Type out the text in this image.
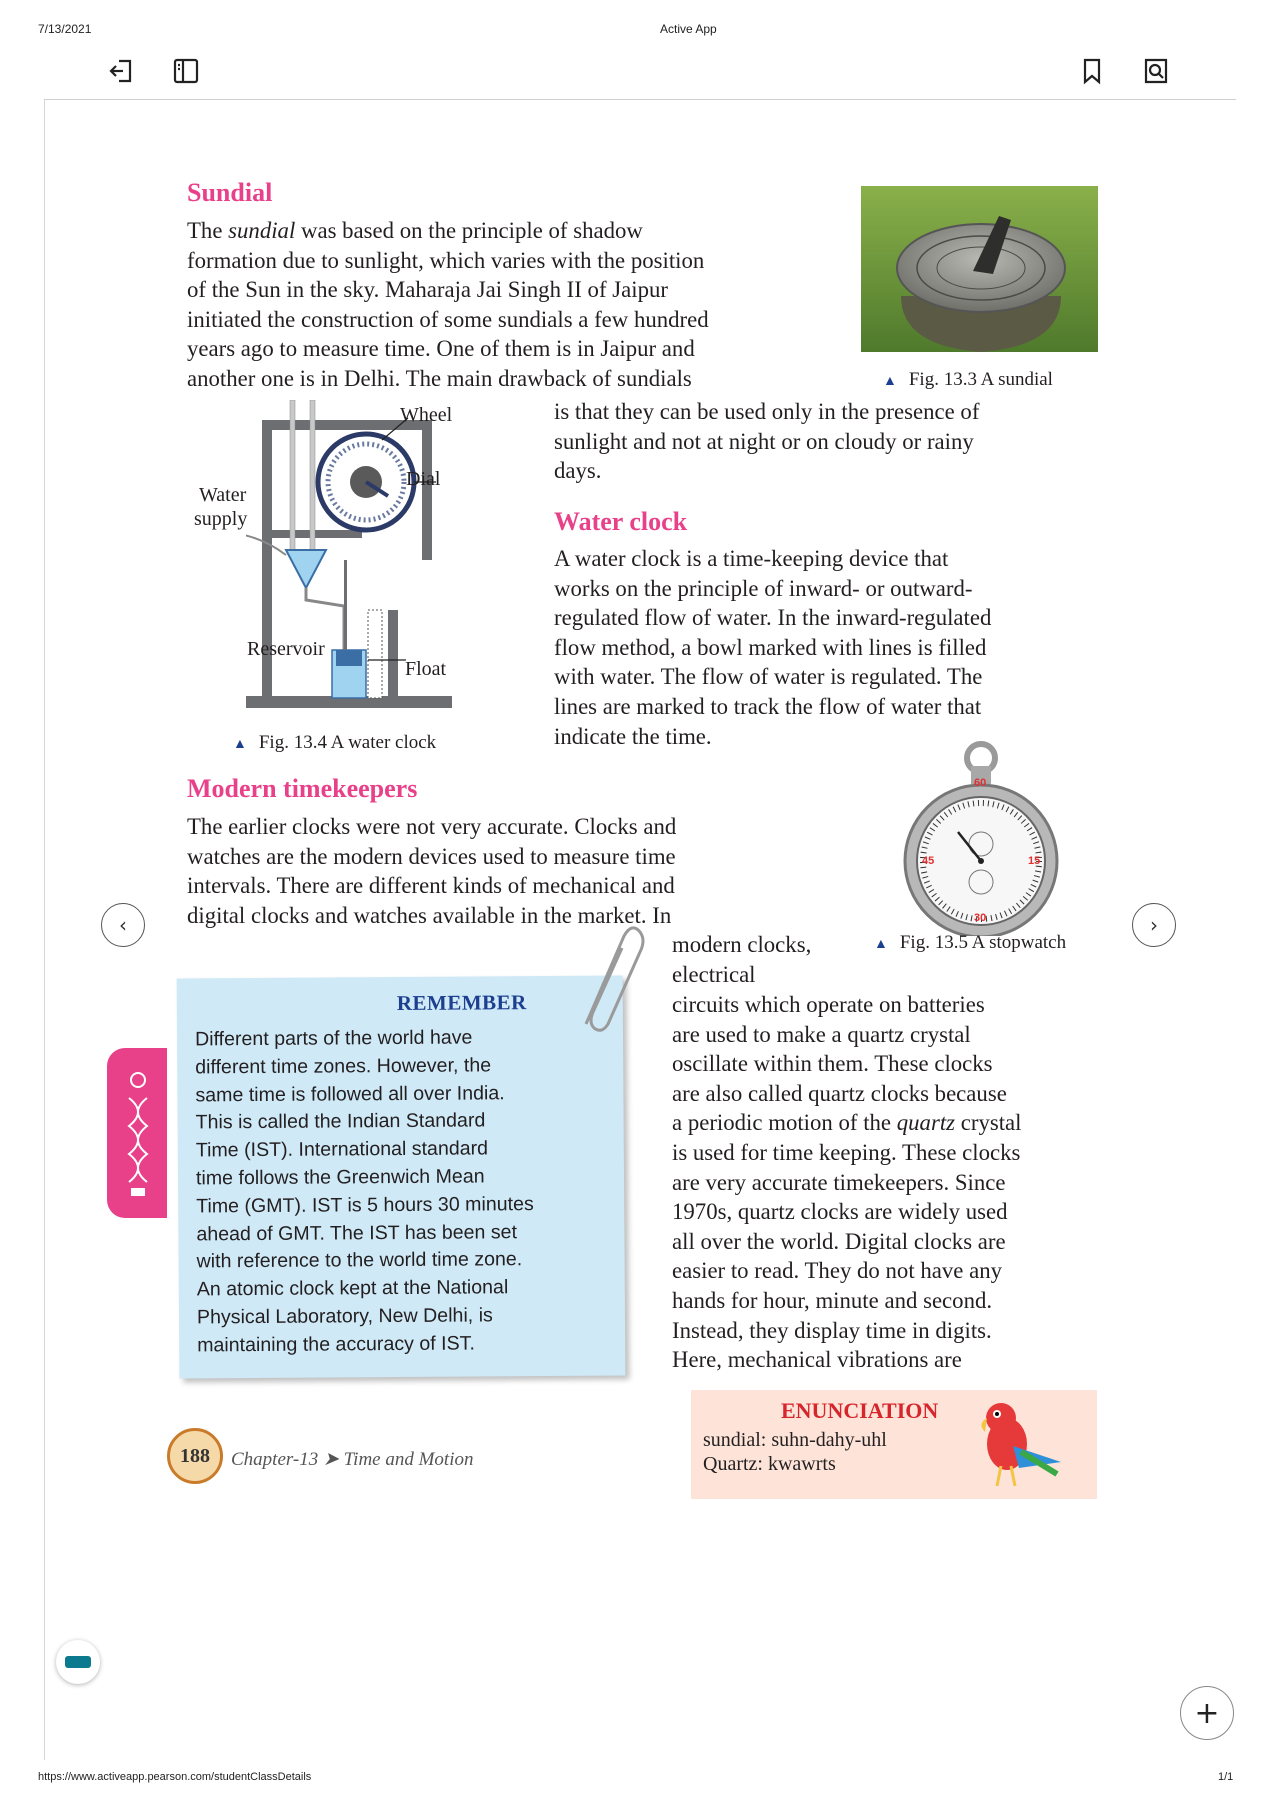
7/13/2021	Active App
https://www.activeapp.pearson.com/studentClassDetails	1/1
Sundial

The sundial was based on the principle of shadow

formation due to sunlight, which varies with the position

of the Sun in the sky. Maharaja Jai Singh II of Jaipur

initiated the construction of some sundials a few hundred

years ago to measure time. One of them is in Jaipur and

another one is in Delhi. The main drawback of sundials	▲ Fig. 13.3 A sundial

is that they can be used only in the presence of

sunlight and not at night or on cloudy or rainy

days.

Wheel
Dial
Water
supply
Reservoir
Float
▲ Fig. 13.4 A water clock
Water clock

A water clock is a time-keeping device that

works on the principle of inward- or outward-

regulated flow of water. In the inward-regulated

flow method, a bowl marked with lines is filled

with water. The flow of water is regulated. The

lines are marked to track the flow of water that

indicate the time.

Modern timekeepers

The earlier clocks were not very accurate. Clocks and

watches are the modern devices used to measure time

intervals. There are different kinds of mechanical and

digital clocks and watches available in the market. In

60
45	15
30
▲ Fig. 13.5 A stopwatch

modern clocks,

electrical

circuits which operate on batteries

are used to make a quartz crystal

oscillate within them. These clocks

are also called quartz clocks because

a periodic motion of the quartz crystal

is used for time keeping. These clocks

are very accurate timekeepers. Since

1970s, quartz clocks are widely used

all over the world. Digital clocks are

easier to read. They do not have any

hands for hour, minute and second.

Instead, they display time in digits.

Here, mechanical vibrations are

REMEMBER

Different parts of the world have

different time zones. However, the

same time is followed all over India.

This is called the Indian Standard

Time (IST). International standard

time follows the Greenwich Mean

Time (GMT). IST is 5 hours 30 minutes

ahead of GMT. The IST has been set

with reference to the world time zone.

An atomic clock kept at the National

Physical Laboratory, New Delhi, is

maintaining the accuracy of IST.

ENUNCIATION

sundial: suhn-dahy-uhl

Quartz: kwawrts

188	Chapter-13 ➤ Time and Motion
‹	›
+
